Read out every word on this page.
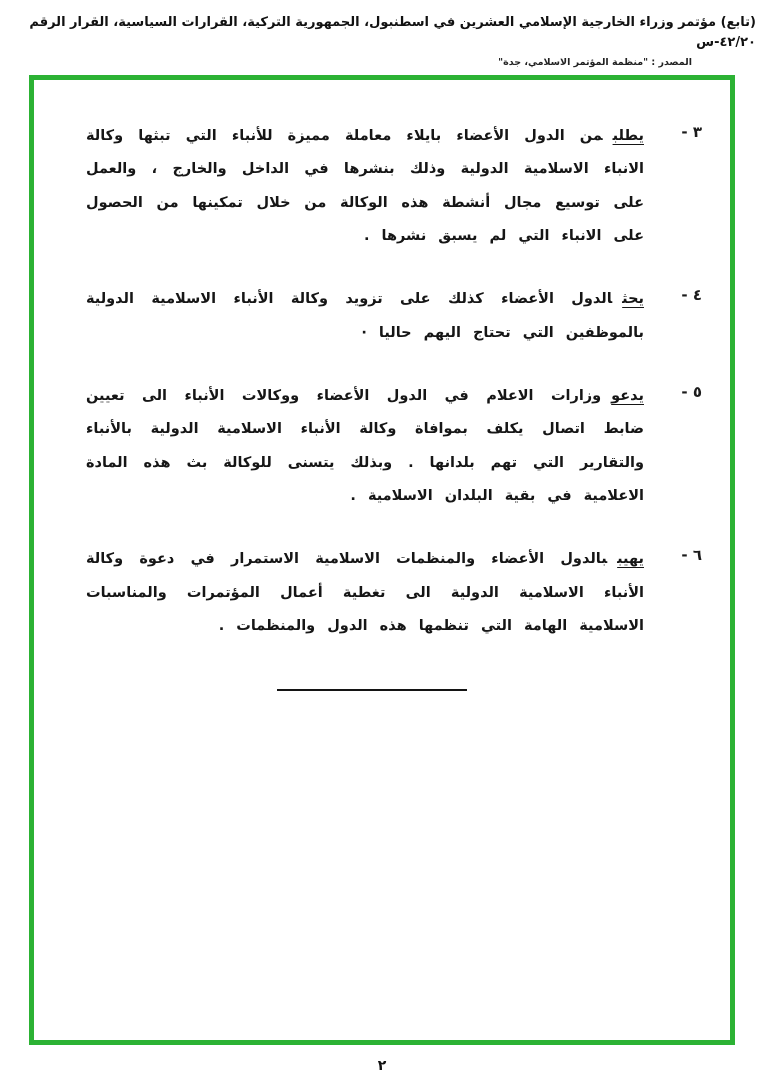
(تابع) مؤتمر وزراء الخارجية الإسلامي العشرين في اسطنبول، الجمهورية التركية، القرارات السياسية، القرار الرقم ٤٢/٢٠-س
المصدر : "منظمة المؤتمر الاسلامي، جدة"
٣ -

يطلبمن الدول الأعضاء بايلاء معاملة مميزة للأنباء التي تبثها وكالة الانباء الاسلامية الدولية وذلك بنشرها في الداخل والخارج ، والعمل على توسيع مجال أنشطة هذه الوكالة من خلال تمكينها من الحصول على الانباء التي لم يسبق نشرها .

٤ -

يحثالدول الأعضاء كذلك على تزويد وكالة الأنباء الاسلامية الدولية بالموظفين التي تحتاج اليهم حاليا ·

٥ -

يدعووزارات الاعلام في الدول الأعضاء ووكالات الأنباء الى تعيين ضابط اتصال يكلف بموافاة وكالة الأنباء الاسلامية الدولية بالأنباء والتقارير التي تهم بلدانها . وبذلك يتسنى للوكالة بث هذه المادة الاعلامية في بقية البلدان الاسلامية .

٦ -

يهيببالدول الأعضاء والمنظمات الاسلامية الاستمرار في دعوة وكالة الأنباء الاسلامية الدولية الى تغطية أعمال المؤتمرات والمناسبات الاسلامية الهامة التي تنظمها هذه الدول والمنظمات .

٢
